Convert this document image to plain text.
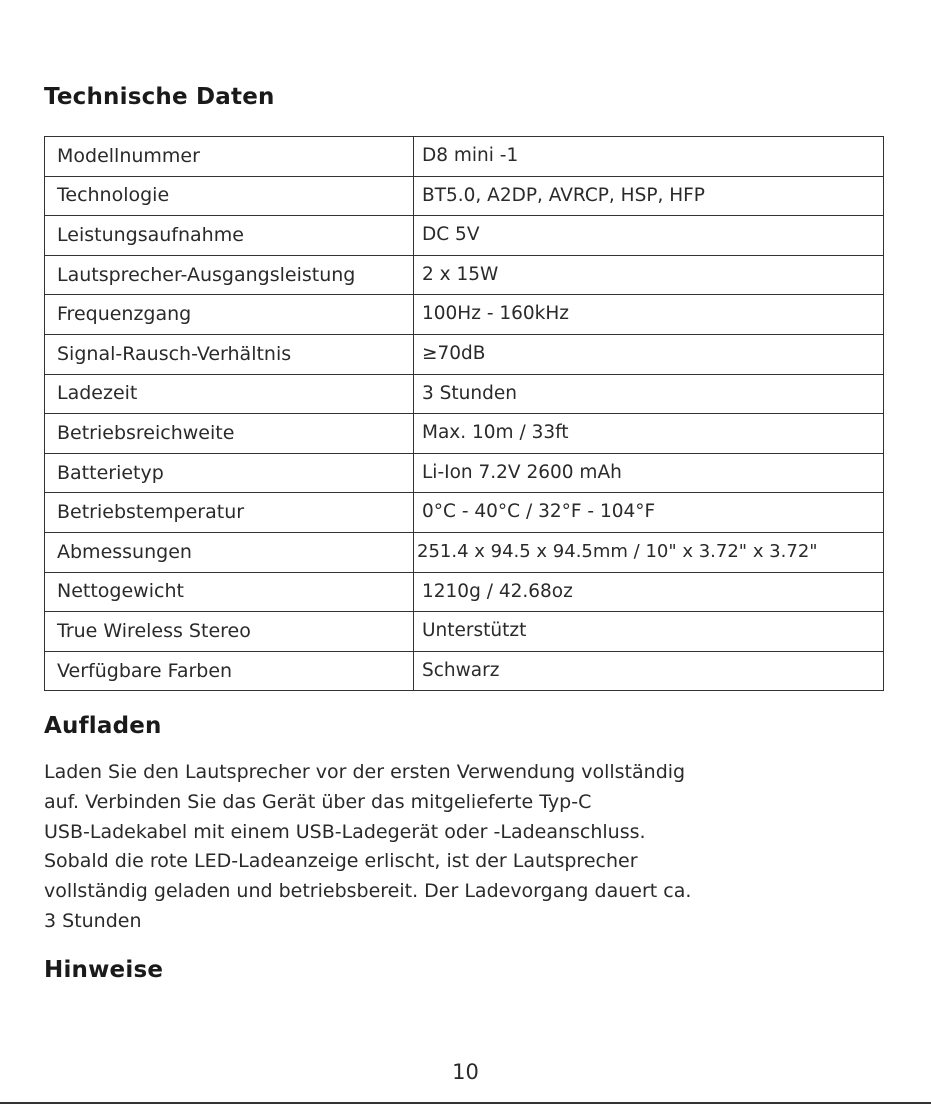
Technische Daten
Modellnummer	D8 mini -1
Technologie	BT5.0, A2DP, AVRCP, HSP, HFP
Leistungsaufnahme	DC 5V
Lautsprecher-Ausgangsleistung	2 x 15W
Frequenzgang	100Hz - 160kHz
Signal-Rausch-Verhältnis	≥70dB
Ladezeit	3 Stunden
Betriebsreichweite	Max. 10m / 33ft
Batterietyp	Li-Ion 7.2V 2600 mAh
Betriebstemperatur	0°C - 40°C / 32°F - 104°F
Abmessungen	251.4 x 94.5 x 94.5mm / 10" x 3.72" x 3.72"
Nettogewicht	1210g / 42.68oz
True Wireless Stereo	Unterstützt
Verfügbare Farben	Schwarz
Aufladen
Laden Sie den Lautsprecher vor der ersten Verwendung vollständig
auf. Verbinden Sie das Gerät über das mitgelieferte Typ-C
USB-Ladekabel mit einem USB-Ladegerät oder -Ladeanschluss.
Sobald die rote LED-Ladeanzeige erlischt, ist der Lautsprecher
vollständig geladen und betriebsbereit. Der Ladevorgang dauert ca.
3 Stunden
Hinweise
10
